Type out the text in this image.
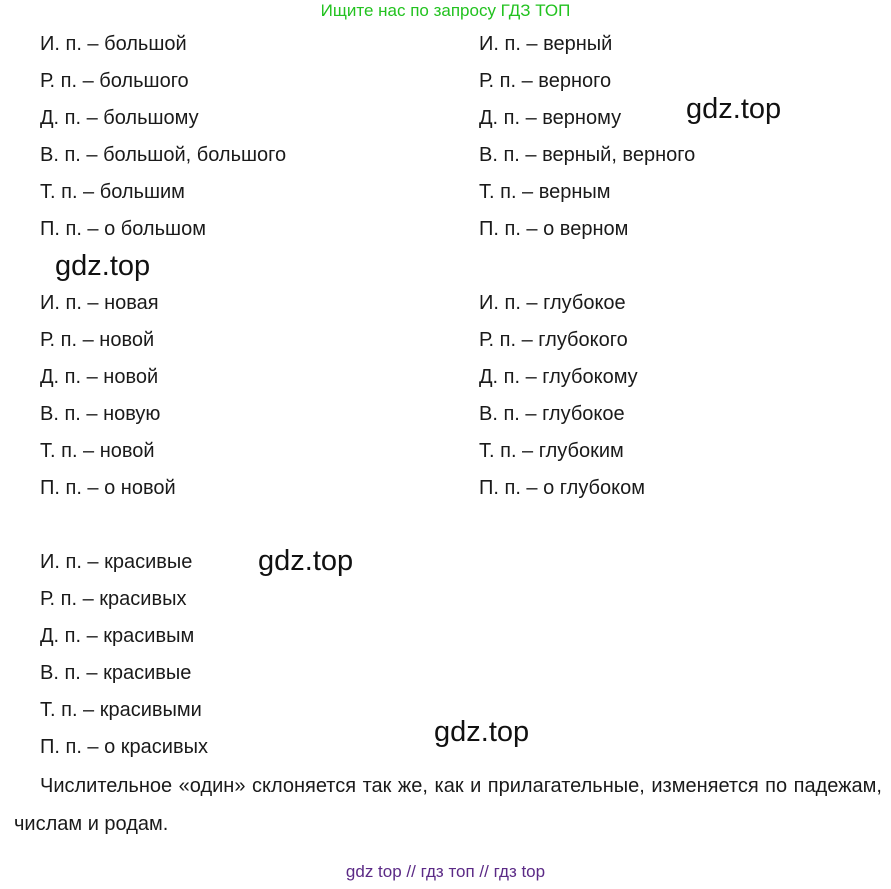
Ищите нас по запросу ГДЗ ТОП
И. п. – большой
Р. п. – большого
Д. п. – большому
В. п. – большой, большого
Т. п. – большим
П. п. – о большом
И. п. – верный
Р. п. – верного
Д. п. – верному
В. п. – верный, верного
Т. п. – верным
П. п. – о верном
И. п. – новая
Р. п. – новой
Д. п. – новой
В. п. – новую
Т. п. – новой
П. п. – о новой
И. п. – глубокое
Р. п. – глубокого
Д. п. – глубокому
В. п. – глубокое
Т. п. – глубоким
П. п. – о глубоком
И. п. – красивые
Р. п. – красивых
Д. п. – красивым
В. п. – красивые
Т. п. – красивыми
П. п. – о красивых
gdz.top
gdz.top
gdz.top
gdz.top
Числительное «один» склоняется так же, как и прилагательные, изменяется по падежам, числам и родам.
gdz top // гдз топ // гдз top
